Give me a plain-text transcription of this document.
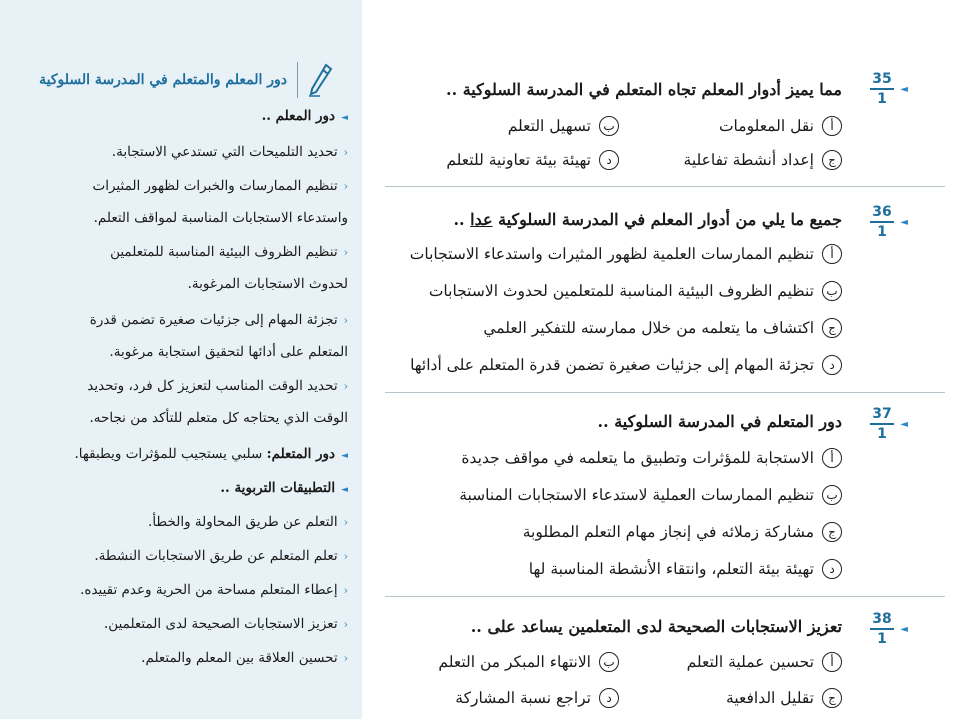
دور المعلم والمتعلم في المدرسة السلوكية
◄دور المعلم ..
‹تحديد التلميحات التي تستدعي الاستجابة.
‹تنظيم الممارسات والخبرات لظهور المثيرات
واستدعاء الاستجابات المناسبة لمواقف التعلم.
‹تنظيم الظروف البيئية المناسبة للمتعلمين
لحدوث الاستجابات المرغوبة.
‹تجزئة المهام إلى جزئيات صغيرة تضمن قدرة
المتعلم على أدائها لتحقيق استجابة مرغوبة.
‹تحديد الوقت المناسب لتعزيز كل فرد، وتحديد
الوقت الذي يحتاجه كل متعلم للتأكد من نجاحه.
◄دور المتعلم: سلبي يستجيب للمؤثرات ويطبقها.
◄التطبيقات التربوية ..
‹التعلم عن طريق المحاولة والخطأ.
‹تعلم المتعلم عن طريق الاستجابات النشطة.
‹إعطاء المتعلم مساحة من الحرية وعدم تقييده.
‹تعزيز الاستجابات الصحيحة لدى المتعلمين.
‹تحسين العلاقة بين المعلم والمتعلم.
35
1
◄
مما يميز أدوار المعلم تجاه المتعلم في المدرسة السلوكية ..
أ
نقل المعلومات
ب
تسهيل التعلم
ج
إعداد أنشطة تفاعلية
د
تهيئة بيئة تعاونية للتعلم
36
1
◄
جميع ما يلي من أدوار المعلم في المدرسة السلوكية عدا ..
أ
تنظيم الممارسات العلمية لظهور المثيرات واستدعاء الاستجابات
ب
تنظيم الظروف البيئية المناسبة للمتعلمين لحدوث الاستجابات
ج
اكتشاف ما يتعلمه من خلال ممارسته للتفكير العلمي
د
تجزئة المهام إلى جزئيات صغيرة تضمن قدرة المتعلم على أدائها
37
1
◄
دور المتعلم في المدرسة السلوكية ..
أ
الاستجابة للمؤثرات وتطبيق ما يتعلمه في مواقف جديدة
ب
تنظيم الممارسات العملية لاستدعاء الاستجابات المناسبة
ج
مشاركة زملائه في إنجاز مهام التعلم المطلوبة
د
تهيئة بيئة التعلم، وانتقاء الأنشطة المناسبة لها
38
1
◄
تعزيز الاستجابات الصحيحة لدى المتعلمين يساعد على ..
أ
تحسين عملية التعلم
ب
الانتهاء المبكر من التعلم
ج
تقليل الدافعية
د
تراجع نسبة المشاركة
